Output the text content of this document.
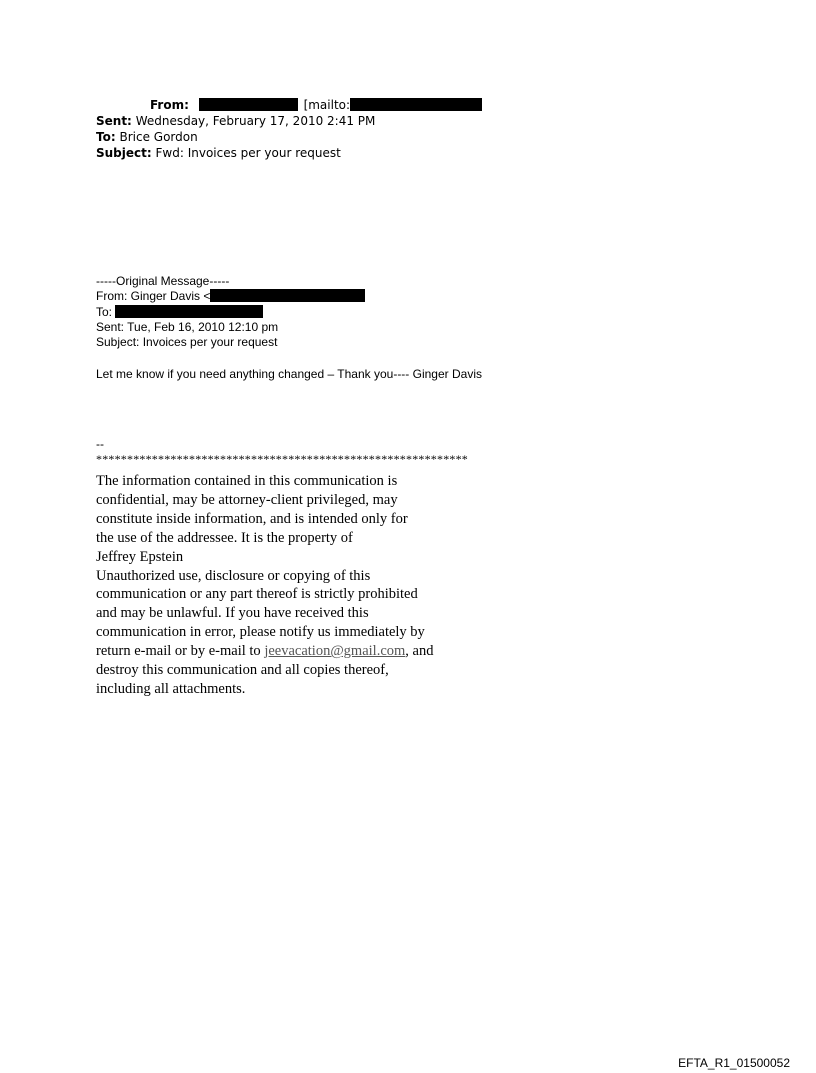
From:	[mailto:
Sent: Wednesday, February 17, 2010 2:41 PM
To: Brice Gordon
Subject: Fwd: Invoices per your request
-----Original Message-----
From: Ginger Davis <
To:
Sent: Tue, Feb 16, 2010 12:10 pm
Subject: Invoices per your request
Let me know if you need anything changed – Thank you---- Ginger Davis
--
************************************************************
The information contained in this communication is
confidential, may be attorney-client privileged, may
constitute inside information, and is intended only for
the use of the addressee. It is the property of
Jeffrey Epstein
Unauthorized use, disclosure or copying of this
communication or any part thereof is strictly prohibited
and may be unlawful. If you have received this
communication in error, please notify us immediately by
return e-mail or by e-mail to jeevacation@gmail.com, and
destroy this communication and all copies thereof,
including all attachments.
EFTA_R1_01500052
